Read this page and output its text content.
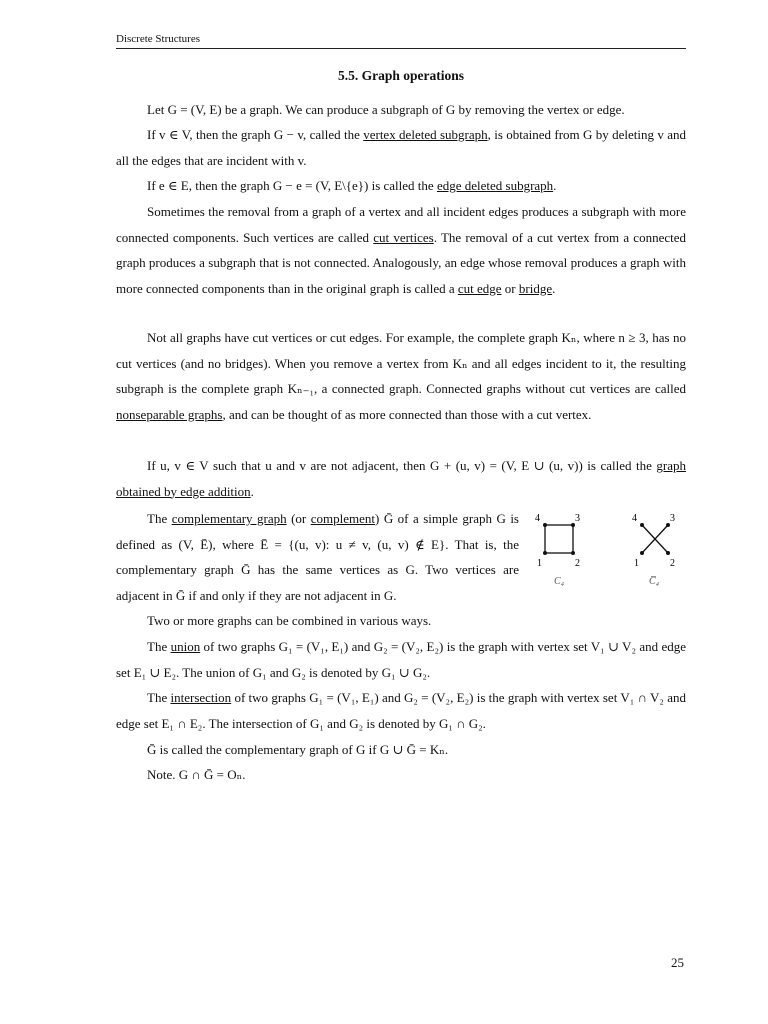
Discrete Structures
5.5. Graph operations
Let G = (V, E) be a graph. We can produce a subgraph of G by removing the vertex or edge.
If v ∈ V, then the graph G − v, called the vertex deleted subgraph, is obtained from G by deleting v and all the edges that are incident with v.
If e ∈ E, then the graph G − e = (V, E\{e}) is called the edge deleted subgraph.
Sometimes the removal from a graph of a vertex and all incident edges produces a subgraph with more connected components. Such vertices are called cut vertices. The removal of a cut vertex from a connected graph produces a subgraph that is not connected. Analogously, an edge whose removal produces a graph with more connected components than in the original graph is called a cut edge or bridge.
Not all graphs have cut vertices or cut edges. For example, the complete graph Kₙ, where n ≥ 3, has no cut vertices (and no bridges). When you remove a vertex from Kₙ and all edges incident to it, the resulting subgraph is the complete graph Kₙ₋₁, a connected graph. Connected graphs without cut vertices are called nonseparable graphs, and can be thought of as more connected than those with a cut vertex.
If u, v ∈ V such that u and v are not adjacent, then G + (u, v) = (V, E ∪ (u, v)) is called the graph obtained by edge addition.
The complementary graph (or complement) Ḡ of a simple graph G is defined as (V, Ē), where Ē = {(u, v): u ≠ v, (u, v) ∉ E}. That is, the complementary graph Ḡ has the same vertices as G. Two vertices are adjacent in Ḡ if and only if they are not adjacent in G.
4	3
1	2
C₄
4	3
1	2
C̅₄
Two or more graphs can be combined in various ways.
The union of two graphs G₁ = (V₁, E₁) and G₂ = (V₂, E₂) is the graph with vertex set V₁ ∪ V₂ and edge set E₁ ∪ E₂. The union of G₁ and G₂ is denoted by G₁ ∪ G₂.
The intersection of two graphs G₁ = (V₁, E₁) and G₂ = (V₂, E₂) is the graph with vertex set V₁ ∩ V₂ and edge set E₁ ∩ E₂. The intersection of G₁ and G₂ is denoted by G₁ ∩ G₂.
Ḡ is called the complementary graph of G if G ∪ Ḡ = Kₙ.
Note. G ∩ Ḡ = Oₙ.
25
